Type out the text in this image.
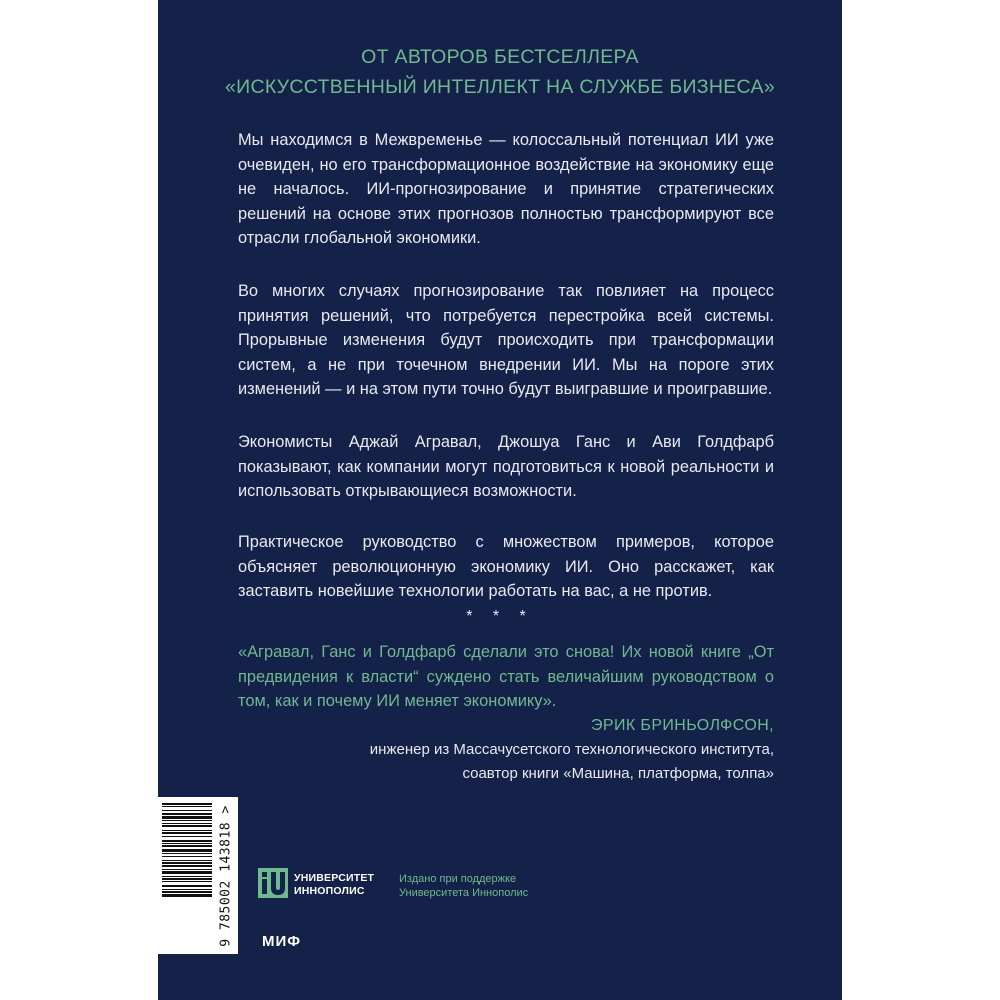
ОТ АВТОРОВ БЕСТСЕЛЛЕРА
«ИСКУССТВЕННЫЙ ИНТЕЛЛЕКТ НА СЛУЖБЕ БИЗНЕСА»
Мы находимся в Межвременье — колоссальный потенциал ИИ уже очевиден, но его трансформационное воздействие на экономику еще не началось. ИИ-прогнозирование и принятие стратегических решений на основе этих прогнозов полностью трансформируют все отрасли глобальной экономики.
Во многих случаях прогнозирование так повлияет на процесс принятия решений, что потребуется перестройка всей системы. Прорывные изменения будут происходить при трансформации систем, а не при точечном внедрении ИИ. Мы на пороге этих изменений — и на этом пути точно будут выигравшие и проигравшие.
Экономисты Аджай Агравал, Джошуа Ганс и Ави Голдфарб показывают, как компании могут подготовиться к новой реальности и использовать открывающиеся возможности.
Практическое руководство с множеством примеров, которое объясняет революционную экономику ИИ. Оно расскажет, как заставить новейшие технологии работать на вас, а не против.
* * *
«Агравал, Ганс и Голдфарб сделали это снова! Их новой книге „От предвидения к власти“ суждено стать величайшим руководством о том, как и почему ИИ меняет экономику».
ЭРИК БРИНЬОЛФСОН,
инженер из Массачусетского технологического института,
соавтор книги «Машина, платформа, толпа»
9 785002 143818 >	УНИВЕРСИТЕТ
ИННОПОЛИС
Издано при поддержке
Университета Иннополис
МИФ
